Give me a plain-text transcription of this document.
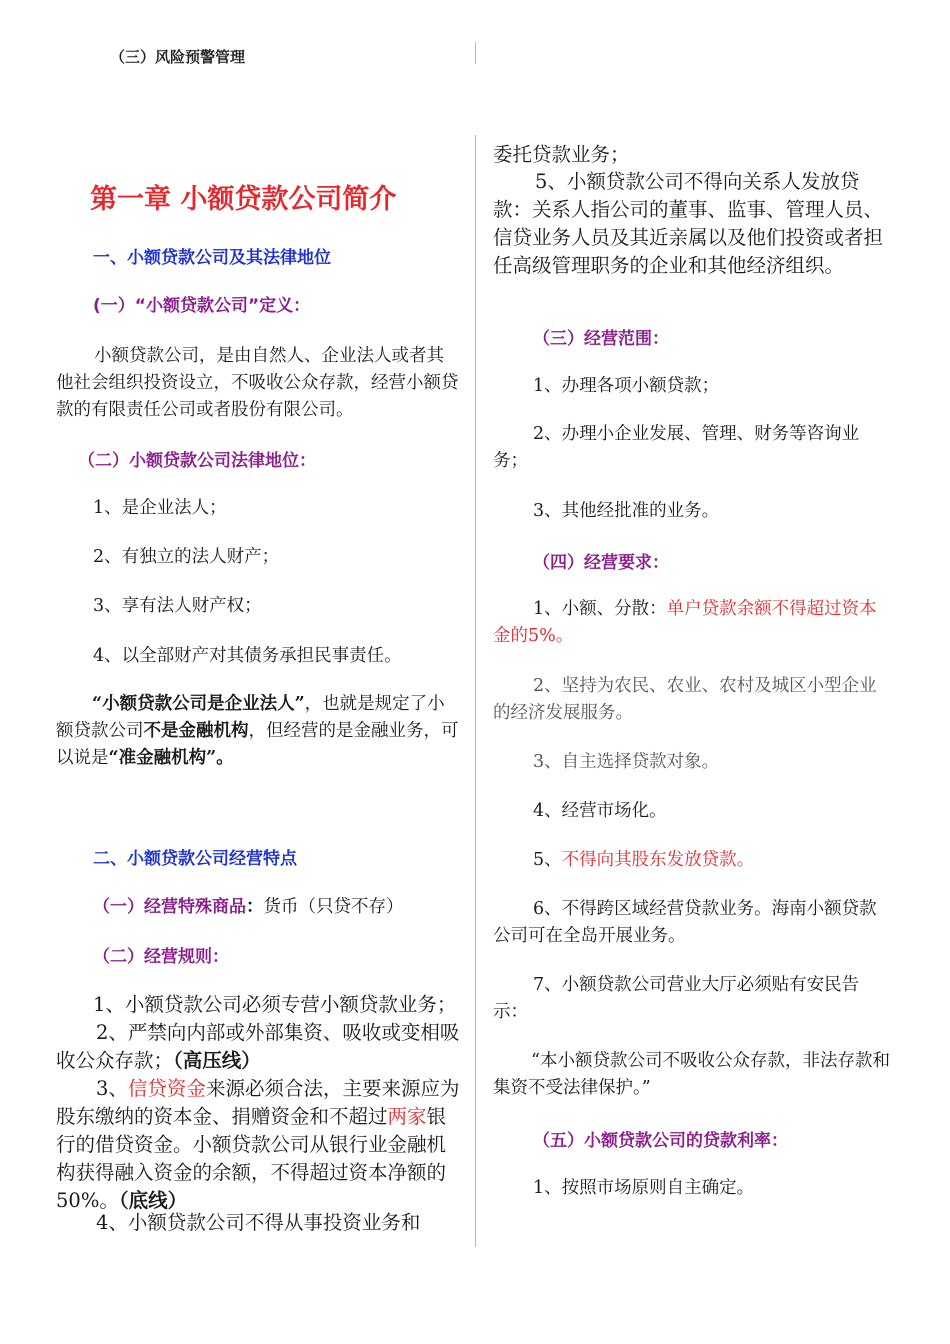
（三）风险预警管理
第一章 小额贷款公司简介
一、小额贷款公司及其法律地位
(一）“小额贷款公司”定义：
小额贷款公司，是由自然人、企业法人或者其他社会组织投资设立，不吸收公众存款，经营小额贷款的有限责任公司或者股份有限公司。
（二）小额贷款公司法律地位：
1、是企业法人；
2、有独立的法人财产；
3、享有法人财产权；
4、以全部财产对其债务承担民事责任。
“小额贷款公司是企业法人”，也就是规定了小额贷款公司不是金融机构，但经营的是金融业务，可以说是“准金融机构”。
二、小额贷款公司经营特点
（一）经营特殊商品：货币（只贷不存）
（二）经营规则：
1、小额贷款公司必须专营小额贷款业务；
2、严禁向内部或外部集资、吸收或变相吸收公众存款；（高压线）
3、信贷资金来源必须合法，主要来源应为股东缴纳的资本金、捐赠资金和不超过两家银行的借贷资金。小额贷款公司从银行业金融机构获得融入资金的余额，不得超过资本净额的50%。（底线）
4、小额贷款公司不得从事投资业务和
委托贷款业务；
5、小额贷款公司不得向关系人发放贷款：关系人指公司的董事、监事、管理人员、信贷业务人员及其近亲属以及他们投资或者担任高级管理职务的企业和其他经济组织。
（三）经营范围：
1、办理各项小额贷款；
2、办理小企业发展、管理、财务等咨询业务；
3、其他经批准的业务。
（四）经营要求：
1、小额、分散：单户贷款余额不得超过资本金的5%。
2、坚持为农民、农业、农村及城区小型企业的经济发展服务。
3、自主选择贷款对象。
4、经营市场化。
5、不得向其股东发放贷款。
6、不得跨区域经营贷款业务。海南小额贷款公司可在全岛开展业务。
7、小额贷款公司营业大厅必须贴有安民告示：
“本小额贷款公司不吸收公众存款，非法存款和集资不受法律保护。”
（五）小额贷款公司的贷款利率：
1、按照市场原则自主确定。
